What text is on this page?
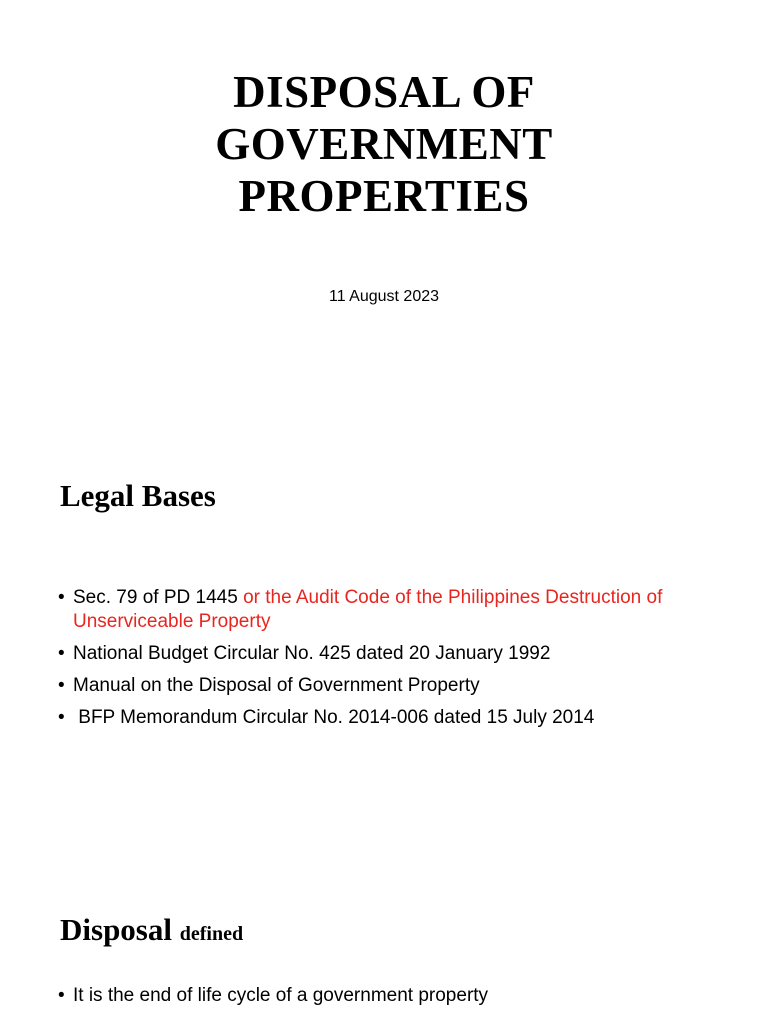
DISPOSAL OF
GOVERNMENT
PROPERTIES
11 August 2023
Legal Bases
• Sec. 79 of PD 1445 or the Audit Code of the Philippines Destruction of Unserviceable Property
• National Budget Circular No. 425 dated 20 January 1992
• Manual on the Disposal of Government Property
• BFP Memorandum Circular No. 2014-006 dated 15 July 2014
Disposal defined
• It is the end of life cycle of a government property
